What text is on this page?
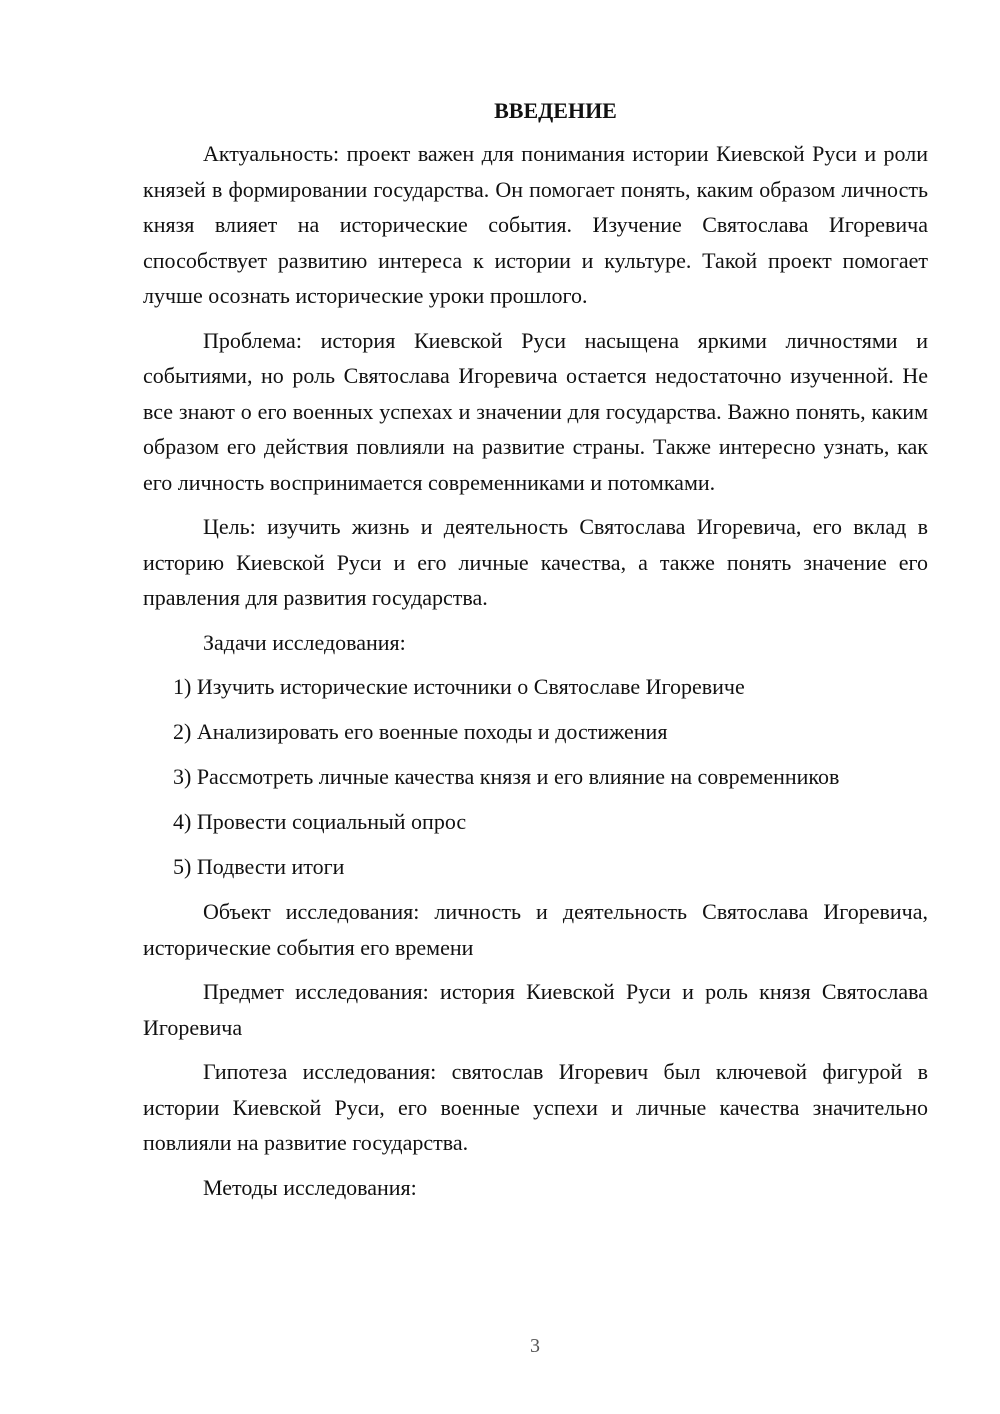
ВВЕДЕНИЕ

Актуальность: проект важен для понимания истории Киевской Руси и роли князей в формировании государства. Он помогает понять, каким образом личность князя влияет на исторические события. Изучение Святослава Игоревича способствует развитию интереса к истории и культуре. Такой проект помогает лучше осознать исторические уроки прошлого.

Проблема: история Киевской Руси насыщена яркими личностями и событиями, но роль Святослава Игоревича остается недостаточно изученной. Не все знают о его военных успехах и значении для государства. Важно понять, каким образом его действия повлияли на развитие страны. Также интересно узнать, как его личность воспринимается современниками и потомками.

Цель: изучить жизнь и деятельность Святослава Игоревича, его вклад в историю Киевской Руси и его личные качества, а также понять значение его правления для развития государства.

Задачи исследования:

1) Изучить исторические источники о Святославе Игоревиче
2) Анализировать его военные походы и достижения
3) Рассмотреть личные качества князя и его влияние на современников
4) Провести социальный опрос
5) Подвести итоги

Объект исследования: личность и деятельность Святослава Игоревича, исторические события его времени

Предмет исследования: история Киевской Руси и роль князя Святослава Игоревича

Гипотеза исследования: святослав Игоревич был ключевой фигурой в истории Киевской Руси, его военные успехи и личные качества значительно повлияли на развитие государства.

Методы исследования:

3
